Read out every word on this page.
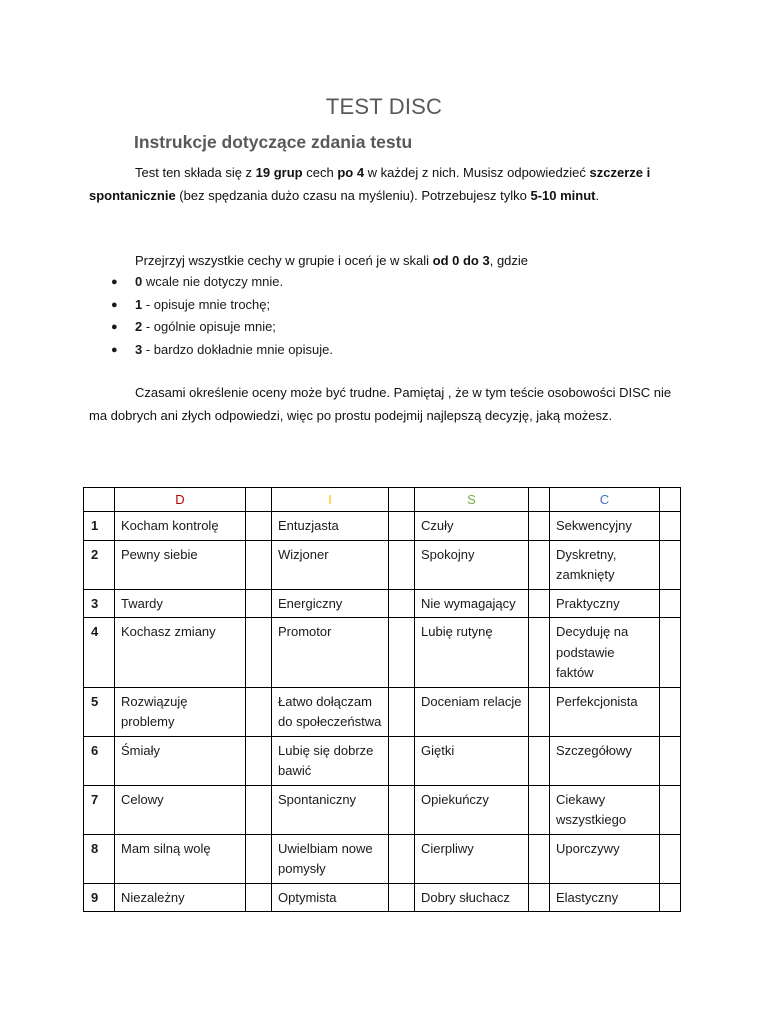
TEST DISC
Instrukcje dotyczące zdania testu
Test ten składa się z 19 grup cech po 4 w każdej z nich. Musisz odpowiedzieć szczerze i spontanicznie (bez spędzania dużo czasu na myśleniu). Potrzebujesz tylko 5-10 minut.
Przejrzyj wszystkie cechy w grupie i oceń je w skali od 0 do 3, gdzie
● 0 wcale nie dotyczy mnie.
● 1 - opisuje mnie trochę;
● 2 - ogólnie opisuje mnie;
● 3 - bardzo dokładnie mnie opisuje.
Czasami określenie oceny może być trudne. Pamiętaj , że w tym teście osobowości DISC nie ma dobrych ani złych odpowiedzi, więc po prostu podejmij najlepszą decyzję, jaką możesz.
	D		I		S		C	
1	Kocham kontrolę		Entuzjasta		Czuły		Sekwencyjny	
2	Pewny siebie		Wizjoner		Spokojny		Dyskretny, zamknięty	
3	Twardy		Energiczny		Nie wymagający		Praktyczny	
4	Kochasz zmiany		Promotor		Lubię rutynę		Decyduję na podstawie faktów	
5	Rozwiązuję problemy		Łatwo dołączam do społeczeństwa		Doceniam relacje		Perfekcjonista	
6	Śmiały		Lubię się dobrze bawić		Giętki		Szczegółowy	
7	Celowy		Spontaniczny		Opiekuńczy		Ciekawy wszystkiego	
8	Mam silną wolę		Uwielbiam nowe pomysły		Cierpliwy		Uporczywy	
9	Niezależny		Optymista		Dobry słuchacz		Elastyczny	
